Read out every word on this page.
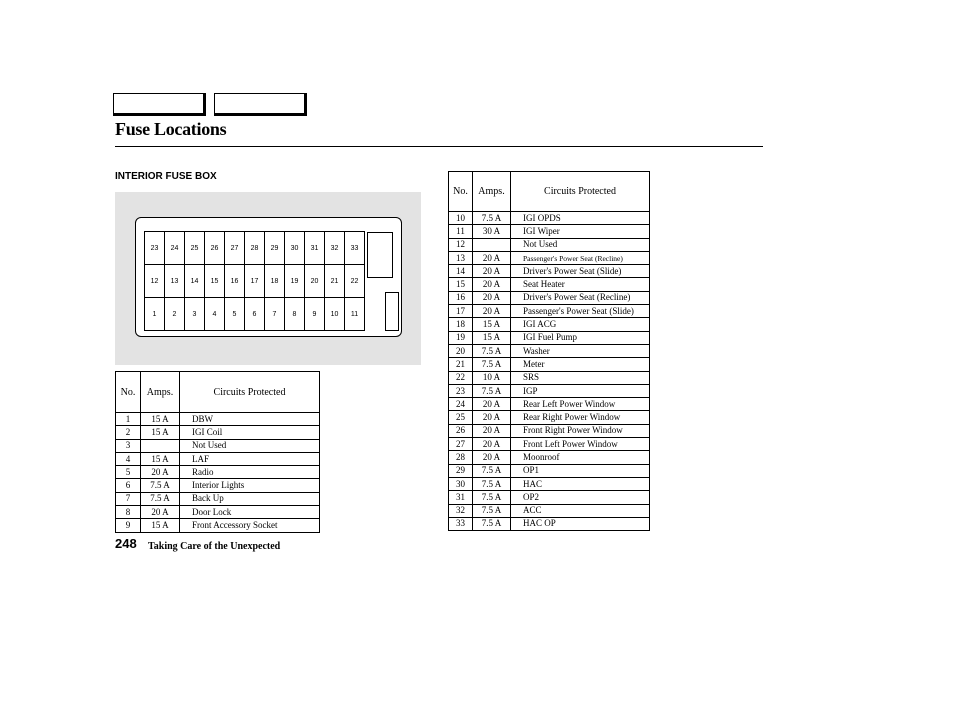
Fuse Locations
INTERIOR FUSE BOX
23	24	25	26	27	28	29	30	31	32	33
12	13	14	15	16	17	18	19	20	21	22
1	2	3	4	5	6	7	8	9	10	11
No.	Amps.	Circuits Protected
1	15 A	DBW
2	15 A	IGI Coil
3		Not Used
4	15 A	LAF
5	20 A	Radio
6	7.5 A	Interior Lights
7	7.5 A	Back Up
8	20 A	Door Lock
9	15 A	Front Accessory Socket
No.	Amps.	Circuits Protected
10	7.5 A	IGI OPDS
11	30 A	IGI Wiper
12		Not Used
13	20 A	Passenger's Power Seat (Recline)
14	20 A	Driver's Power Seat (Slide)
15	20 A	Seat Heater
16	20 A	Driver's Power Seat (Recline)
17	20 A	Passenger's Power Seat (Slide)
18	15 A	IGI ACG
19	15 A	IGI Fuel Pump
20	7.5 A	Washer
21	7.5 A	Meter
22	10 A	SRS
23	7.5 A	IGP
24	20 A	Rear Left Power Window
25	20 A	Rear Right Power Window
26	20 A	Front Right Power Window
27	20 A	Front Left Power Window
28	20 A	Moonroof
29	7.5 A	OP1
30	7.5 A	HAC
31	7.5 A	OP2
32	7.5 A	ACC
33	7.5 A	HAC OP
248 Taking Care of the Unexpected
